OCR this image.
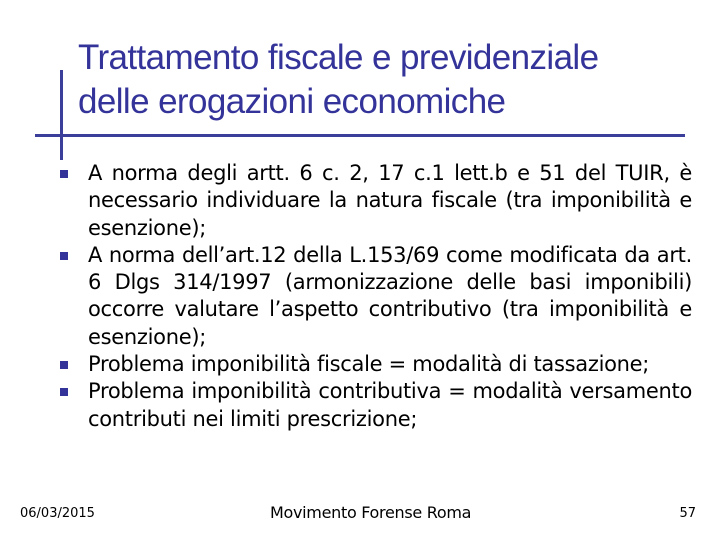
Trattamento fiscale e previdenziale
delle erogazioni economiche
A norma degli artt. 6 c. 2, 17 c.1 lett.b e 51 del TUIR, è necessario individuare la natura fiscale (tra imponibilità e esenzione);
A norma dell’art.12 della L.153/69 come modificata da art. 6 Dlgs 314/1997 (armonizzazione delle basi imponibili) occorre valutare l’aspetto contributivo (tra imponibilità e esenzione);
Problema imponibilità fiscale = modalità di tassazione;
Problema imponibilità contributiva = modalità versamento contributi nei limiti prescrizione;
06/03/2015	Movimento Forense Roma	57
